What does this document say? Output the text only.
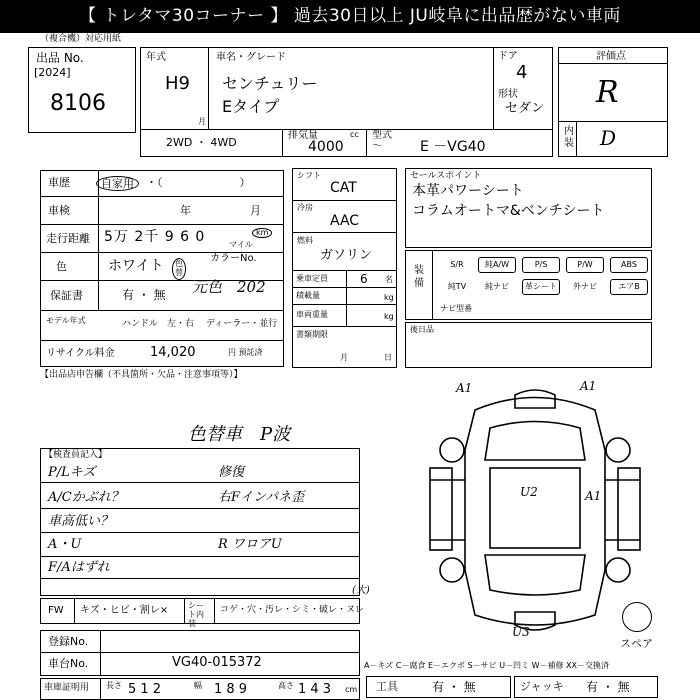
【 トレタマ30コーナー 】 過去30日以上 JU岐阜に出品歴がない車両
（複合機）対応用紙
出品 No.
[2024]
8106
年式
H9
月
車名・グレード
センチュリー
Eタイプ
ドア
4
形状
セダン
2WD ・ 4WD
排気量
4000
cc 型式
〜	E －VG40
評価点
R
内装 D
車歴	自家用	・（　　　　　　　）
車検	年	月
走行距離 5万 2千 9 6 0	km
マイル
色	ホワイト	色替
カラーNo.
元色　202
保証書	有 ・ 無
モデル年式	ハンドル　左・右 ディーラー・並行
リサイクル料金	14,020	円 預託済
シフト
CAT
冷房
AAC
燃料
ガソリン
乗車定員	6 名
積載量	kg
車両重量	kg
書類期限
月	日
セールスポイント
本革パワーシート
コラムオートマ&ベンチシート
装備
S/R	純A/W	P/S	P/W	ABS
純TV	純ナビ	革シート	外ナビ	エアB
ナビ型番
後日品
【出品店申告欄（不具箇所・欠品・注意事項等）】
色替車　P波
【検査員記入】
P/Lキズ	修復
A/Cかぶれ？	右Fインパネ歪
車高低い？
A・U	R ワロアU
F/Aはずれ
A1	A1
U2	A1
U3
スペア
FW キズ・ヒビ・割レ× シート内装
コゲ・穴・汚レ・シミ・破レ・ヌレ
(大)
登録No.
車台No.	VG40-015372	A－キズ C－腐食 E－エクボ S－サビ U－凹ミ W－補修 XX－交換済
車庫証明用 長さ 5 1 2	幅 1 8 9	高さ 1 4 3 cm 工具	有 ・ 無	ジャッキ 有 ・ 無
